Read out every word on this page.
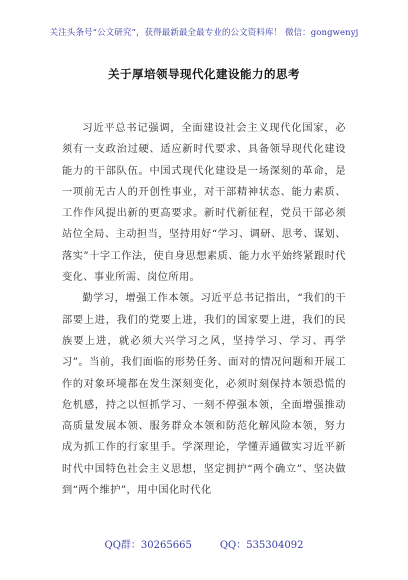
关注头条号“公文研究”，获得最新最全最专业的公文资料库！ 微信：gongwenyj
关于厚培领导现代化建设能力的思考

习近平总书记强调，全面建设社会主义现代化国家，必须有一支政治过硬、适应新时代要求、具备领导现代化建设能力的干部队伍。中国式现代化建设是一场深刻的革命，是一项前无古人的开创性事业，对干部精神状态、能力素质、工作作风提出新的更高要求。新时代新征程，党员干部必须站位全局、主动担当，坚持用好“学习、调研、思考、谋划、落实”十字工作法，使自身思想素质、能力水平始终紧跟时代变化、事业所需、岗位所用。

勤学习，增强工作本领。习近平总书记指出，“我们的干部要上进，我们的党要上进，我们的国家要上进，我们的民族要上进，就必须大兴学习之风，坚持学习、学习、再学习”。当前，我们面临的形势任务、面对的情况问题和开展工作的对象环境都在发生深刻变化，必须时刻保持本领恐慌的危机感，持之以恒抓学习、一刻不停强本领，全面增强推动高质量发展本领、服务群众本领和防范化解风险本领，努力成为抓工作的行家里手。学深理论，学懂弄通做实习近平新时代中国特色社会主义思想，坚定拥护“两个确立”、坚决做到“两个维护”，用中国化时代化

QQ群：30265665	QQ：535304092
